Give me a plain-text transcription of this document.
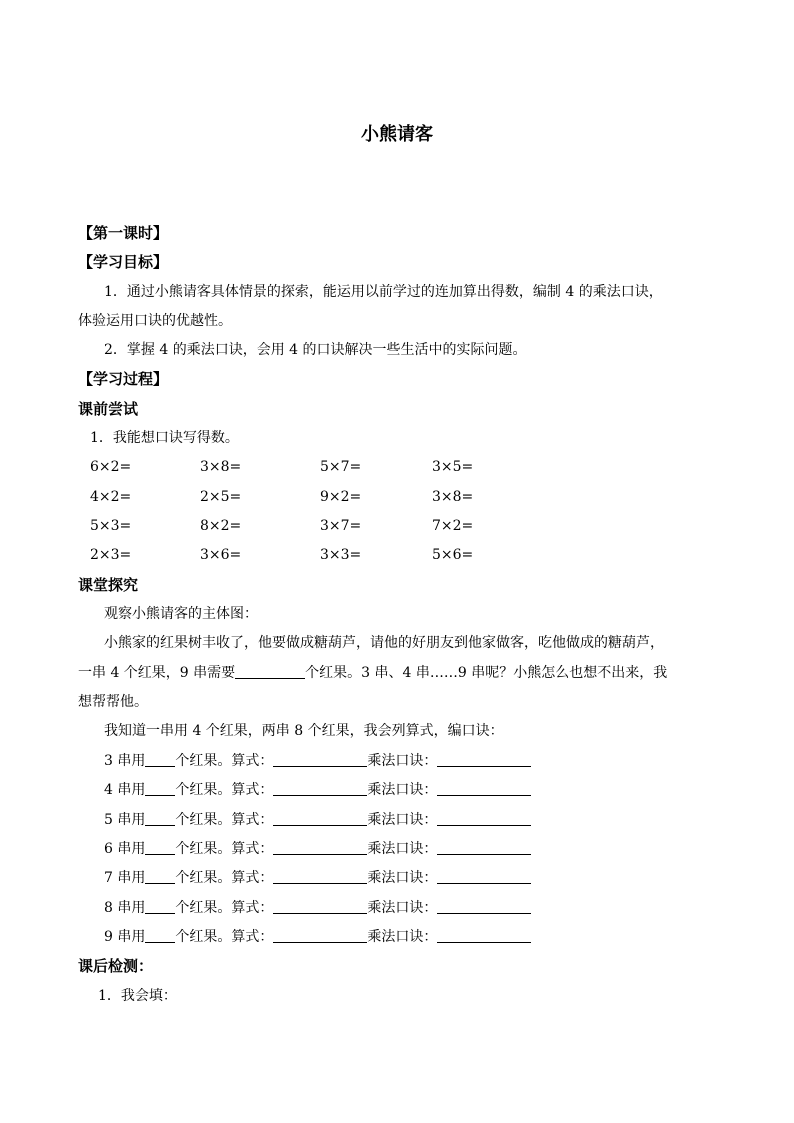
小熊请客
【第一课时】
【学习目标】
1．通过小熊请客具体情景的探索，能运用以前学过的连加算出得数，编制 4 的乘法口诀，
体验运用口诀的优越性。
2．掌握 4 的乘法口诀，会用 4 的口诀解决一些生活中的实际问题。
【学习过程】
课前尝试
1．我能想口诀写得数。
6×2=	3×8=	5×7=	3×5=
4×2=	2×5=	9×2=	3×8=
5×3=	8×2=	3×7=	7×2=
2×3=	3×6=	3×3=	5×6=
课堂探究
观察小熊请客的主体图：
小熊家的红果树丰收了，他要做成糖葫芦，请他的好朋友到他家做客，吃他做成的糖葫芦，
一串 4 个红果，9 串需要	个红果。3 串、4 串……9 串呢？小熊怎么也想不出来，我
想帮帮他。
我知道一串用 4 个红果，两串 8 个红果，我会列算式，编口诀：
3 串用 个红果。算式：	乘法口诀：
4 串用 个红果。算式：	乘法口诀：
5 串用 个红果。算式：	乘法口诀：
6 串用 个红果。算式：	乘法口诀：
7 串用 个红果。算式：	乘法口诀：
8 串用 个红果。算式：	乘法口诀：
9 串用 个红果。算式：	乘法口诀：
课后检测：
1．我会填：
